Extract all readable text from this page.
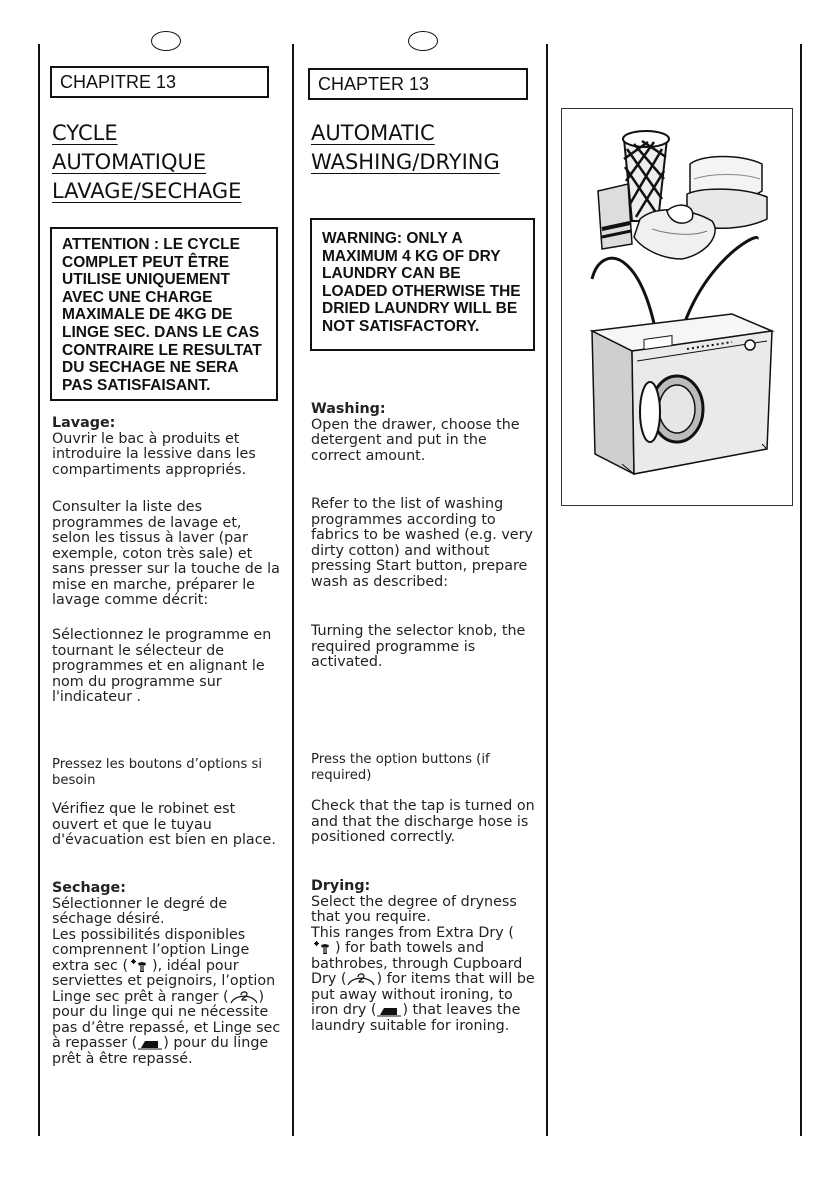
CHAPITRE 13
CYCLE
AUTOMATIQUE
LAVAGE/SECHAGE
ATTENTION : LE CYCLE COMPLET PEUT ÊTRE UTILISE UNIQUEMENT AVEC UNE CHARGE MAXIMALE DE 4KG DE LINGE SEC. DANS LE CAS CONTRAIRE LE RESULTAT DU SECHAGE NE SERA PAS SATISFAISANT.
Lavage:

Ouvrir le bac à produits et introduire la lessive dans les compartiments appropriés.

Consulter la liste des programmes de lavage et, selon les tissus à laver (par exemple, coton très sale) et sans presser sur la touche de la mise en marche, préparer le lavage comme décrit:

Sélectionnez le programme en tournant le sélecteur de programmes et en alignant le nom du programme sur l'indicateur .

Pressez les boutons d’options si besoin

Vérifiez que le robinet est ouvert et que le tuyau d'évacuation est bien en place.

Sechage:

Sélectionner le degré de séchage désiré.

Les possibilités disponibles comprennent l’option Linge extra sec ( ), idéal pour serviettes et peignoirs, l’option Linge sec prêt à ranger ( ) pour du linge qui ne nécessite pas d’être repassé, et Linge sec à repasser ( ) pour du linge prêt à être repassé.

CHAPTER 13
AUTOMATIC
WASHING/DRYING
WARNING: ONLY A MAXIMUM 4 KG OF DRY LAUNDRY CAN BE LOADED OTHERWISE THE DRIED LAUNDRY WILL BE NOT SATISFACTORY.
Washing:

Open the drawer, choose the detergent and put in the correct amount.

Refer to the list of washing programmes according to fabrics to be washed (e.g. very dirty cotton) and without pressing Start button, prepare wash as described:

Turning the selector knob, the required programme is activated.

Press the option buttons (if required)

Check that the tap is turned on and that the discharge hose is positioned correctly.

Drying:

Select the degree of dryness that you require.

This ranges from Extra Dry () for bath towels and bathrobes, through Cupboard Dry ( ) for items that will be put away without ironing, to iron dry ( ) that leaves the laundry suitable for ironing.
